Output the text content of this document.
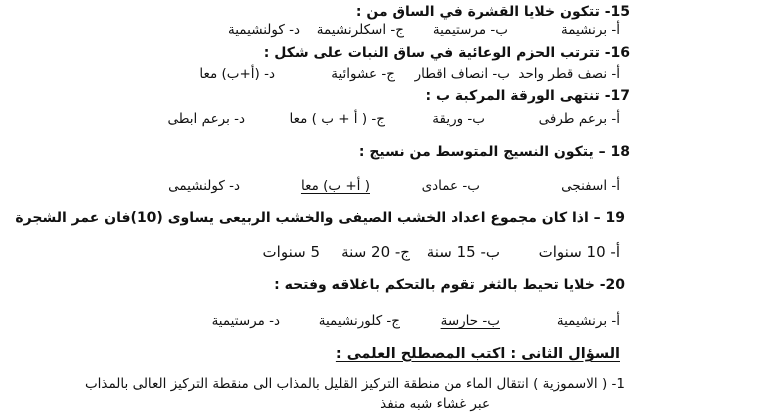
15- تتكون خلايا القشرة في الساق من :
أ- برنشيمة
ب- مرستيمية
ج- اسكلرنشيمة
د- كولنشيمية
16- تترتب الحزم الوعائية في ساق النبات على شكل :
أ- نصف قطر واحد
ب- انصاف اقطار
ج- عشوائية
د- (أ+ب) معا
17- تنتهى الورقة المركبة ب :
أ- برعم طرفى
ب- وريقة
ج- ( أ + ب ) معا
د- برعم ابطى
18 – يتكون النسيج المتوسط من نسيج :
أ- اسفنجى
ب- عمادى
( أ+ ب) معا
د- كولنشيمى
19 – اذا كان مجموع اعداد الخشب الصيفى والخشب الربيعى يساوى (10)فان عمر الشجرة
أ- 10 سنوات
ب- 15 سنة
ج- 20 سنة
5 سنوات
20- خلايا تحيط بالثغر تقوم بالتحكم باغلاقه وفتحه :
أ- برنشيمية
ب- حارسة
ج- كلورنشيمية
د- مرستيمية
السؤال الثانى : اكتب المصطلح العلمى :
1- ( الاسموزية ) انتقال الماء من منطقة التركيز القليل بالمذاب الى منقطة التركيز العالى بالمذاب
عبر غشاء شبه منفذ
